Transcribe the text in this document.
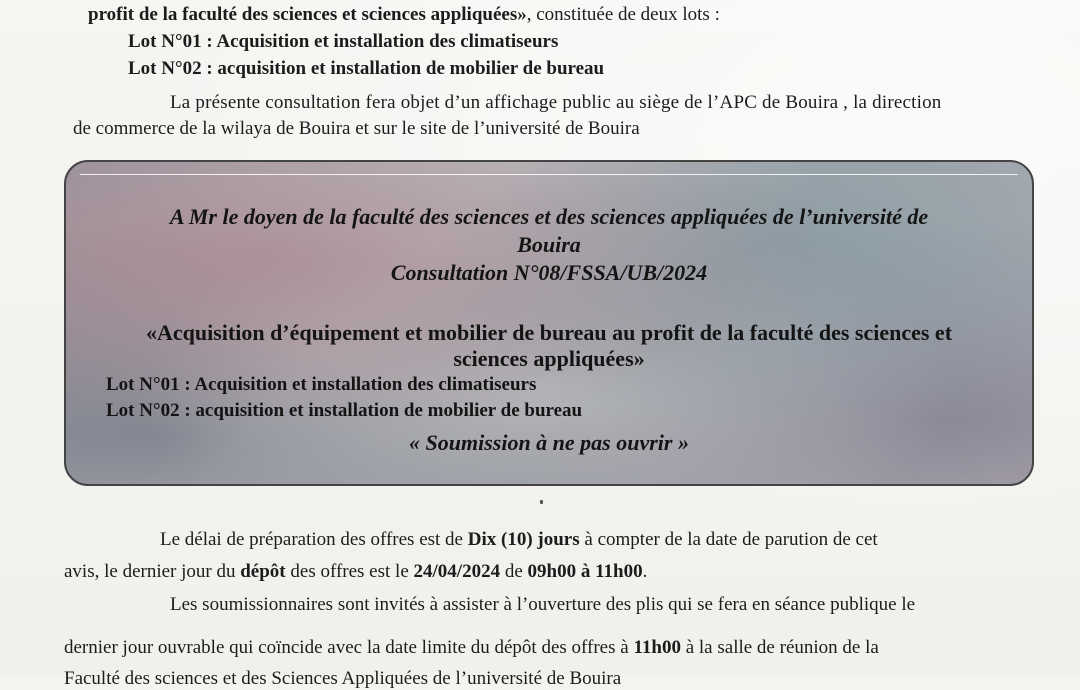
profit de la faculté des sciences et sciences appliquées», constituée de deux lots :
Lot N°01 : Acquisition et installation des climatiseurs
Lot N°02 : acquisition et installation de mobilier de bureau
La présente consultation fera objet d’un affichage public au siège de l’APC de Bouira , la direction
de commerce de la wilaya de Bouira et sur le site de l’université de Bouira
A Mr le doyen de la faculté des sciences et des sciences appliquées de l’université de
Bouira
Consultation N°08/FSSA/UB/2024
«Acquisition d’équipement et mobilier de bureau au profit de la faculté des sciences et
sciences appliquées»
Lot N°01 : Acquisition et installation des climatiseurs
Lot N°02 : acquisition et installation de mobilier de bureau
« Soumission à ne pas ouvrir »
Le délai de préparation des offres est de Dix (10) jours à compter de la date de parution de cet
avis, le dernier jour du dépôt des offres est le 24/04/2024 de 09h00 à 11h00.
Les soumissionnaires sont invités à assister à l’ouverture des plis qui se fera en séance publique le
dernier jour ouvrable qui coïncide avec la date limite du dépôt des offres à 11h00 à la salle de réunion de la
Faculté des sciences et des Sciences Appliquées de l’université de Bouira
